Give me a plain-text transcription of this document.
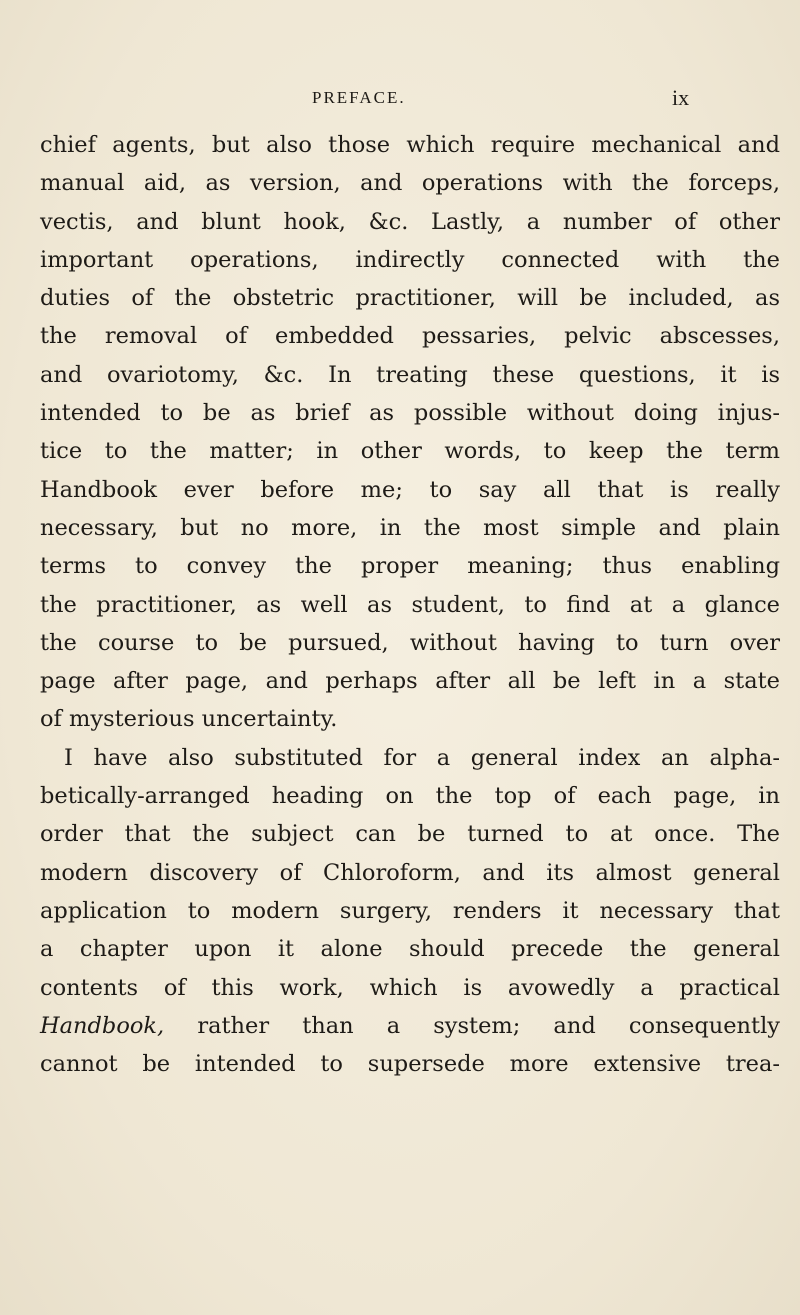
PREFACE.	ix
chief agents, but also those which require mechanical and
manual aid, as version, and operations with the forceps,
vectis, and blunt hook, &c. Lastly, a number of other
important operations, indirectly connected with the
duties of the obstetric practitioner, will be included, as
the removal of embedded pessaries, pelvic abscesses,
and ovariotomy, &c. In treating these questions, it is
intended to be as brief as possible without doing injus-
tice to the matter; in other words, to keep the term
Handbook ever before me; to say all that is really
necessary, but no more, in the most simple and plain
terms to convey the proper meaning; thus enabling
the practitioner, as well as student, to find at a glance
the course to be pursued, without having to turn over
page after page, and perhaps after all be left in a state
of mysterious uncertainty.
I have also substituted for a general index an alpha-
betically-arranged heading on the top of each page, in
order that the subject can be turned to at once. The
modern discovery of Chloroform, and its almost general
application to modern surgery, renders it necessary that
a chapter upon it alone should precede the general
contents of this work, which is avowedly a practical
Handbook, rather than a system; and consequently
cannot be intended to supersede more extensive trea-
